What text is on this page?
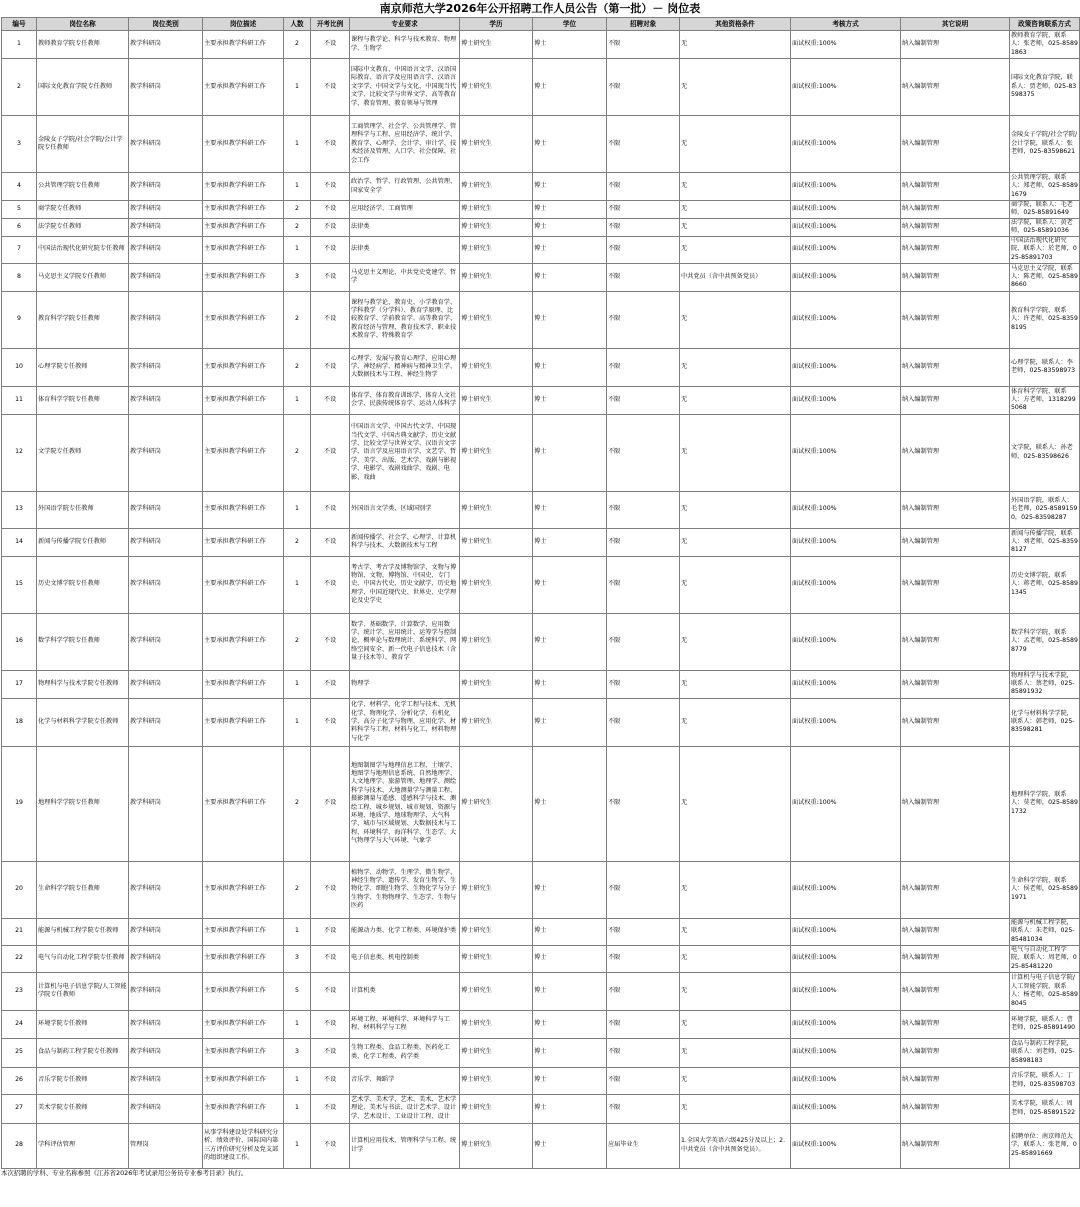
南京师范大学2026年公开招聘工作人员公告（第一批）－ 岗位表
编号	岗位名称	岗位类别	岗位描述	人数	开考比例	专业要求	学历	学位	招聘对象	其他资格条件	考核方式	其它说明	政策咨询联系方式
1	教师教育学院专任教师	教学科研岗	主要承担教学科研工作	2	不设	课程与教学论、科学与技术教育、物理学、生物学	博士研究生	博士	不限	无	面试权重:100%	纳入编制管理	教师教育学院，联系人：张老师，025-85891863
2	国际文化教育学院专任教师	教学科研岗	主要承担教学科研工作	1	不设	国际中文教育、中国语言文学、汉语国际教育、语言学及应用语言学、汉语言文字学、中国文学与文化、中国现当代文学、比较文学与世界文学、高等教育学、教育管理、教育领导与管理	博士研究生	博士	不限	无	面试权重:100%	纳入编制管理	国际文化教育学院，联系人：贾老师，025-83598375
3	金陵女子学院/社会学院/会计学院专任教师	教学科研岗	主要承担教学科研工作	1	不设	工商管理学、社会学、公共管理学、管理科学与工程、应用经济学、统计学、教育学、心理学、会计学、审计学、技术经济及管理、人口学、社会保障、社会工作	博士研究生	博士	不限	无	面试权重:100%	纳入编制管理	金陵女子学院/社会学院/会计学院，联系人：张老师，025-83598621
4	公共管理学院专任教师	教学科研岗	主要承担教学科研工作	1	不设	政治学、哲学、行政管理、公共管理、国家安全学	博士研究生	博士	不限	无	面试权重:100%	纳入编制管理	公共管理学院，联系人：郑老师，025-85891679
5	商学院专任教师	教学科研岗	主要承担教学科研工作	2	不设	应用经济学、工商管理	博士研究生	博士	不限	无	面试权重:100%	纳入编制管理	商学院，联系人：毛老师，025-85891649
6	法学院专任教师	教学科研岗	主要承担教学科研工作	2	不设	法律类	博士研究生	博士	不限	无	面试权重:100%	纳入编制管理	法学院，联系人：黄老师，025-85891036
7	中国法治现代化研究院专任教师	教学科研岗	主要承担教学科研工作	1	不设	法律类	博士研究生	博士	不限	无	面试权重:100%	纳入编制管理	中国法治现代化研究院，联系人：於老师，025-85891703
8	马克思主义学院专任教师	教学科研岗	主要承担教学科研工作	3	不设	马克思主义理论、中共党史党建学、哲学	博士研究生	博士	不限	中共党员（含中共预备党员）	面试权重:100%	纳入编制管理	马克思主义学院，联系人：陈老师，025-85898660
9	教育科学学院专任教师	教学科研岗	主要承担教学科研工作	2	不设	课程与教学论、教育史、小学教育学、学科教学（分学科）、教育学原理、比较教育学、学前教育学、高等教育学、教育经济与管理、教育技术学、职业技术教育学、特殊教育学	博士研究生	博士	不限	无	面试权重:100%	纳入编制管理	教育科学学院，联系人：许老师，025-83598195
10	心理学院专任教师	教学科研岗	主要承担教学科研工作	2	不设	心理学、发展与教育心理学、应用心理学、神经病学、精神病与精神卫生学、大数据技术与工程、神经生物学	博士研究生	博士	不限	无	面试权重:100%	纳入编制管理	心理学院，联系人：李老师，025-83598973
11	体育科学学院专任教师	教学科研岗	主要承担教学科研工作	1	不设	体育学、体育教育训练学、体育人文社会学、民族传统体育学、运动人体科学	博士研究生	博士	不限	无	面试权重:100%	纳入编制管理	体育科学学院，联系人：方老师，13182995068
12	文学院专任教师	教学科研岗	主要承担教学科研工作	2	不设	中国语言文学、中国古代文学、中国现当代文学、中国古典文献学、历史文献学、比较文学与世界文学、汉语言文字学、语言学及应用语言学、文艺学、哲学、美学、出版、艺术学、戏剧与影视学、电影学、戏剧戏曲学、戏剧、电影、戏曲	博士研究生	博士	不限	无	面试权重:100%	纳入编制管理	文学院，联系人：孙老师，025-83598626
13	外国语学院专任教师	教学科研岗	主要承担教学科研工作	1	不设	外国语言文学类、区域国别学	博士研究生	博士	不限	无	面试权重:100%	纳入编制管理	外国语学院，联系人：毛老师，025-85891590，025-83598287
14	新闻与传播学院专任教师	教学科研岗	主要承担教学科研工作	2	不设	新闻传播学、社会学、心理学、计算机科学与技术、大数据技术与工程	博士研究生	博士	不限	无	面试权重:100%	纳入编制管理	新闻与传播学院，联系人：刘老师，025-83598127
15	历史文博学院专任教师	教学科研岗	主要承担教学科研工作	1	不设	考古学、考古学及博物馆学、文物与博物馆、文物、博物馆、中国史、专门史、中国古代史、历史文献学、历史地理学、中国近现代史、世界史、史学理论及史学史	博士研究生	博士	不限	无	面试权重:100%	纳入编制管理	历史文博学院，联系人：蒋老师，025-85891345
16	数学科学学院专任教师	教学科研岗	主要承担教学科研工作	2	不设	数学、基础数学、计算数学、应用数学、统计学、应用统计、运筹学与控制论、概率论与数理统计、系统科学、网络空间安全、新一代电子信息技术（含量子技术等），教育学	博士研究生	博士	不限	无	面试权重:100%	纳入编制管理	数学科学学院，联系人：孟老师，025-85898779
17	物理科学与技术学院专任教师	教学科研岗	主要承担教学科研工作	1	不设	物理学	博士研究生	博士	不限	无	面试权重:100%	纳入编制管理	物理科学与技术学院，联系人：蔡老师，025-85891932
18	化学与材料科学学院专任教师	教学科研岗	主要承担教学科研工作	1	不设	化学、材料学、化学工程与技术、无机化学、物理化学、分析化学、有机化学、高分子化学与物理、应用化学、材料科学与工程、材料与化工、材料物理与化学	博士研究生	博士	不限	无	面试权重:100%	纳入编制管理	化学与材料科学学院，联系人：韩老师，025-83598281
19	地理科学学院专任教师	教学科研岗	主要承担教学科研工作	2	不设	地图制图学与地理信息工程、土壤学、地图学与地理信息系统、自然地理学、人文地理学、旅游管理、地理学、测绘科学与技术、大地测量学与测量工程、摄影测量与遥感、遥感科学与技术、测绘工程、城乡规划、城市规划、资源与环境、地质学、地球物理学、大气科学、城市与区域规划、大数据技术与工程、环境科学、海洋科学、生态学、大气物理学与大气环境、气象学	博士研究生	博士	不限	无	面试权重:100%	纳入编制管理	地理科学学院，联系人：莫老师，025-85891732
20	生命科学学院专任教师	教学科研岗	主要承担教学科研工作	2	不设	植物学、动物学、生理学、微生物学、神经生物学、遗传学、发育生物学、生物化学、细胞生物学、生物化学与分子生物学、生物物理学、生态学、生物与医药	博士研究生	博士	不限	无	面试权重:100%	纳入编制管理	生命科学学院，联系人：侯老师，025-85891971
21	能源与机械工程学院专任教师	教学科研岗	主要承担教学科研工作	1	不设	能源动力类、化学工程类、环境保护类	博士研究生	博士	不限	无	面试权重:100%	纳入编制管理	能源与机械工程学院，联系人：朱老师，025-85481034
22	电气与自动化工程学院专任教师	教学科研岗	主要承担教学科研工作	3	不设	电子信息类、机电控制类	博士研究生	博士	不限	无	面试权重:100%	纳入编制管理	电气与自动化工程学院，联系人：周老师，025-85481220
23	计算机与电子信息学院/人工智能学院专任教师	教学科研岗	主要承担教学科研工作	5	不设	计算机类	博士研究生	博士	不限	无	面试权重:100%	纳入编制管理	计算机与电子信息学院/人工智能学院，联系人：杨老师，025-85898045
24	环境学院专任教师	教学科研岗	主要承担教学科研工作	1	不设	环境工程、环境科学、环境科学与工程、材料科学与工程	博士研究生	博士	不限	无	面试权重:100%	纳入编制管理	环境学院，联系人：曹老师，025-85891490
25	食品与制药工程学院专任教师	教学科研岗	主要承担教学科研工作	3	不设	生物工程类、食品工程类、医药化工类、化学工程类、药学类	博士研究生	博士	不限	无	面试权重:100%	纳入编制管理	食品与制药工程学院，联系人：刘老师，025-85898183
26	音乐学院专任教师	教学科研岗	主要承担教学科研工作	1	不设	音乐学、舞蹈学	博士研究生	博士	不限	无	面试权重:100%	纳入编制管理	音乐学院，联系人：丁老师，025-83598703
27	美术学院专任教师	教学科研岗	主要承担教学科研工作	1	不设	艺术学、美术学、艺术、美术、艺术学理论、美术与书法、设计艺术学、设计学、艺术设计、工业设计工程、设计	博士研究生	博士	不限	无	面试权重:100%	纳入编制管理	美术学院，联系人：周老师，025-85891522
28	学科评估管理	管理岗	从事学科建设处学科研究分析、绩效评价、国际国内第三方评价研究分析及党支部的组织建设工作。	1	不设	计算机应用技术、管理科学与工程、统计学	博士研究生	博士	应届毕业生	1.全国大学英语六级425分及以上；2.中共党员（含中共预备党员）。	面试权重:100%	纳入编制管理	招聘单位：南京师范大学，联系人：张老师，025-85891669
本次招聘的学科、专业名称参照《江苏省2026年考试录用公务员专业参考目录》执行。
